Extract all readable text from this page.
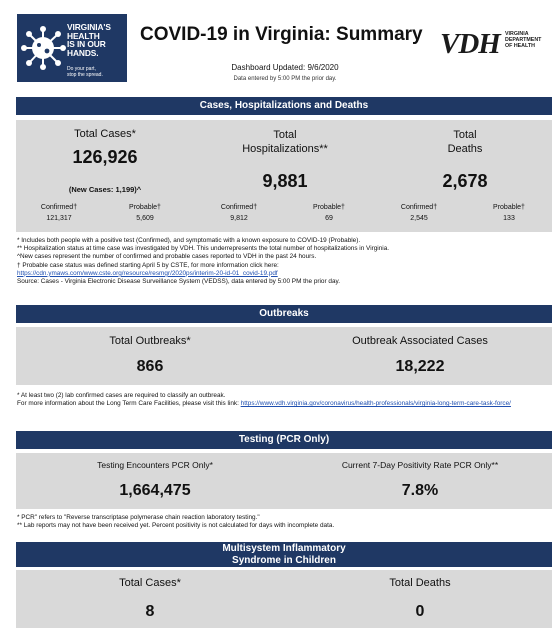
VIRGINIA'S
HEALTH
IS IN OUR
HANDS.
Do your part,
stop the spread.
COVID-19 in Virginia: Summary VDH VIRGINIA
DEPARTMENT
OF HEALTH
Dashboard Updated: 9/6/2020
Data entered by 5:00 PM the prior day.
Cases, Hospitalizations and Deaths
Total Cases*
126,926
(New Cases: 1,199)^
Total
Hospitalizations**
9,881
Total
Deaths
2,678
Confirmed†
121,317
Probable†
5,609
Confirmed†
9,812
Probable†
69
Confirmed†
2,545
Probable†
133
* Includes both people with a positive test (Confirmed), and symptomatic with a known exposure to COVID-19 (Probable).
** Hospitalization status at time case was investigated by VDH. This underrepresents the total number of hospitalizations in Virginia.
^New cases represent the number of confirmed and probable cases reported to VDH in the past 24 hours.
† Probable case status was defined starting April 5 by CSTE, for more information click here:
https://cdn.ymaws.com/www.cste.org/resource/resmgr/2020ps/interim-20-id-01_covid-19.pdf
Source: Cases - Virginia Electronic Disease Surveillance System (VEDSS), data entered by 5:00 PM the prior day.
Outbreaks
Total Outbreaks*
866
Outbreak Associated Cases
18,222
* At least two (2) lab confirmed cases are required to classify an outbreak.
For more information about the Long Term Care Facilities, please visit this link: https://www.vdh.virginia.gov/coronavirus/health-professionals/virginia-long-term-care-task-force/
Testing (PCR Only)
Testing Encounters PCR Only*
1,664,475
Current 7-Day Positivity Rate PCR Only**
7.8%
* PCR" refers to "Reverse transcriptase polymerase chain reaction laboratory testing."
** Lab reports may not have been received yet. Percent positivity is not calculated for days with incomplete data.
Multisystem Inflammatory
Syndrome in Children
Total Cases*
8
Total Deaths
0
